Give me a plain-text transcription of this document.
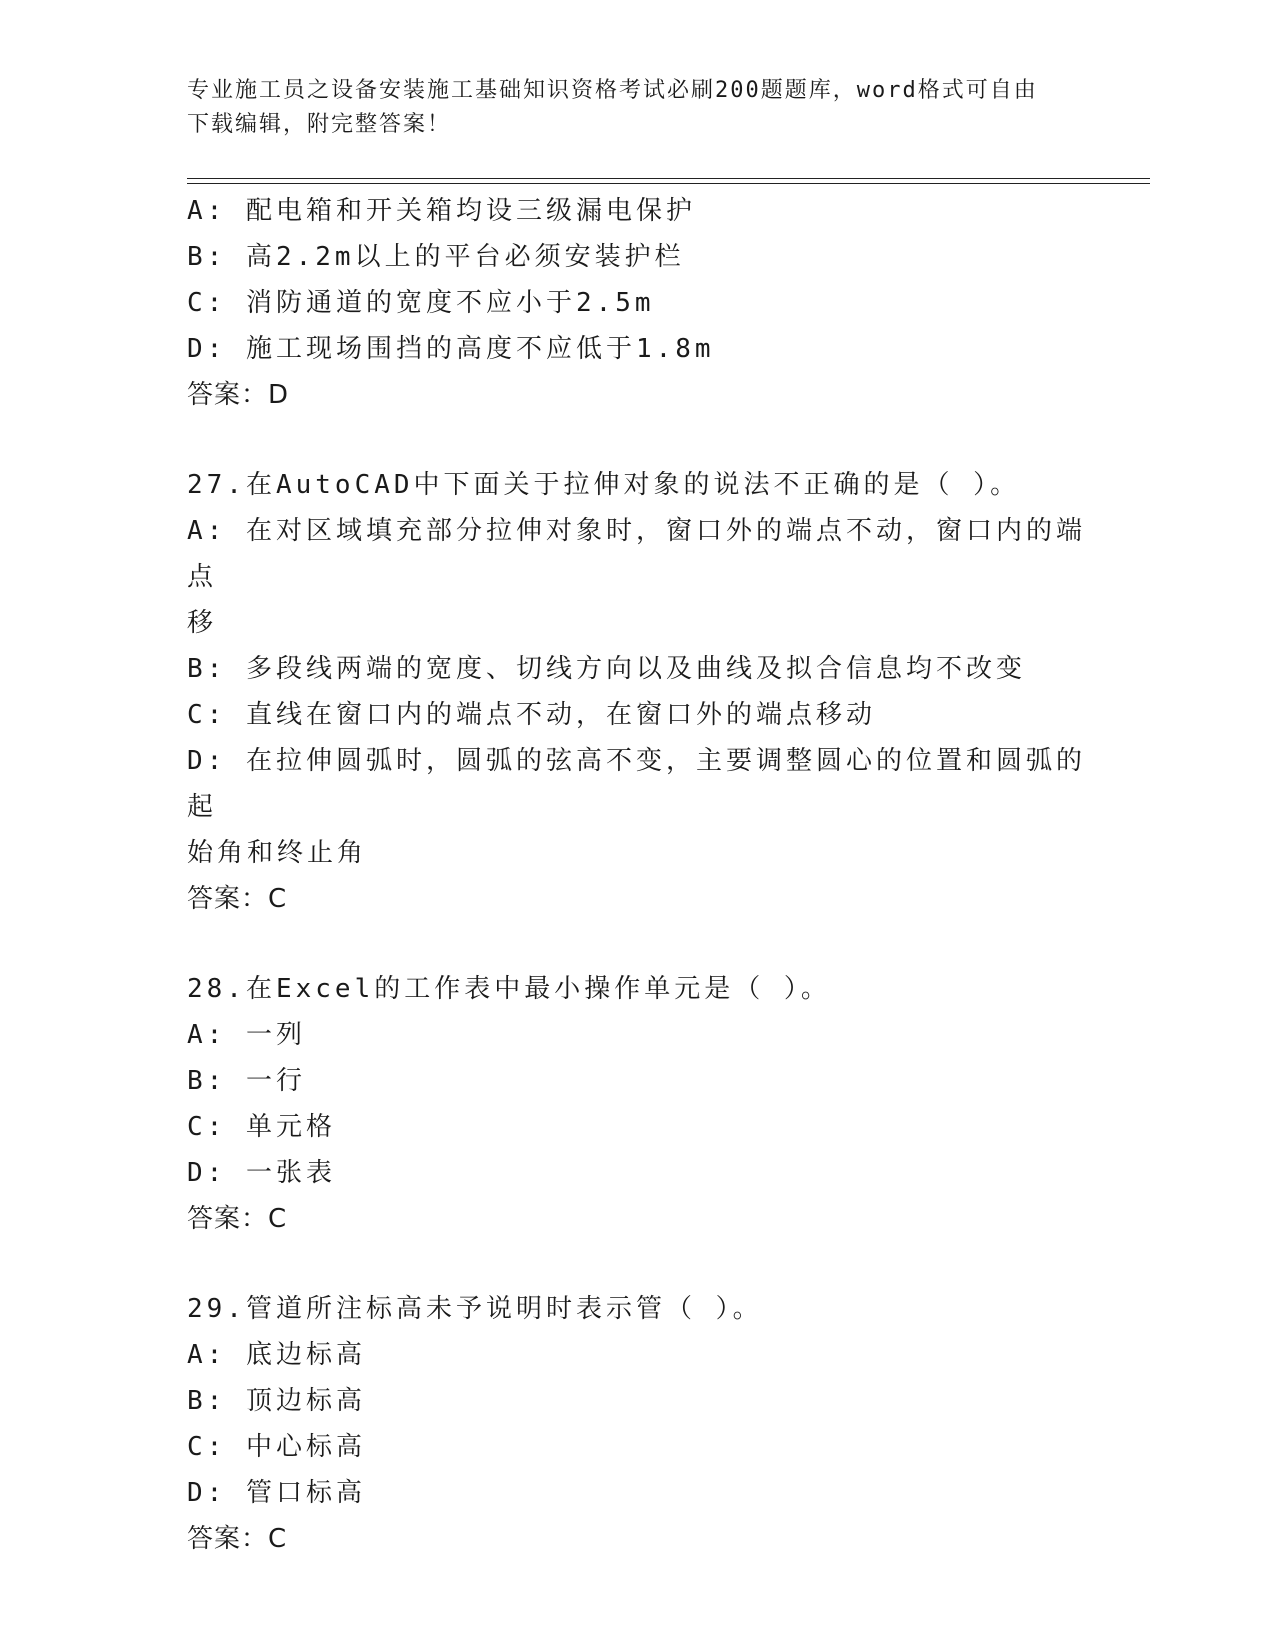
专业施工员之设备安装施工基础知识资格考试必刷200题题库，word格式可自由
下载编辑，附完整答案！
A: 配电箱和开关箱均设三级漏电保护
B: 高2.2m以上的平台必须安装护栏
C: 消防通道的宽度不应小于2.5m
D: 施工现场围挡的高度不应低于1.8m
答案：D
27.在AutoCAD中下面关于拉伸对象的说法不正确的是（ ）。
A: 在对区域填充部分拉伸对象时，窗口外的端点不动，窗口内的端点
移
B: 多段线两端的宽度、切线方向以及曲线及拟合信息均不改变
C: 直线在窗口内的端点不动，在窗口外的端点移动
D: 在拉伸圆弧时，圆弧的弦高不变，主要调整圆心的位置和圆弧的起
始角和终止角
答案：C
28.在Excel的工作表中最小操作单元是（ ）。
A: 一列
B: 一行
C: 单元格
D: 一张表
答案：C
29.管道所注标高未予说明时表示管（ ）。
A: 底边标高
B: 顶边标高
C: 中心标高
D: 管口标高
答案：C
